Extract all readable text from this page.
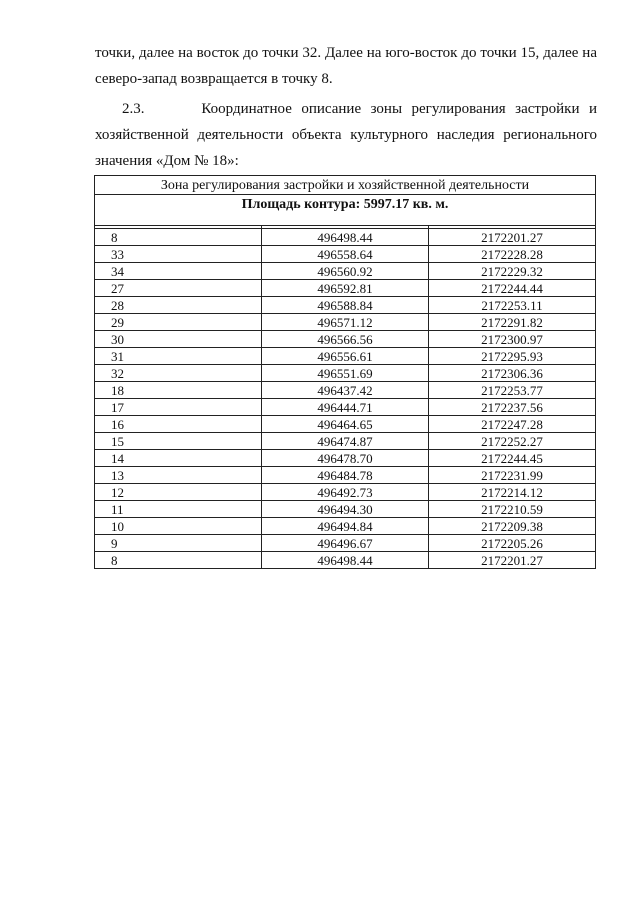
точки, далее на восток до точки 32. Далее на юго-восток до точки 15, далее на
северо-запад возвращается в точку 8.
2.3.	Координатное описание зоны регулирования застройки и
хозяйственной деятельности объекта культурного наследия регионального
значения «Дом № 18»:
Зона регулирования застройки и хозяйственной деятельности		
Площадь контура: 5997.17 кв. м.		

8	496498.44	2172201.27
33	496558.64	2172228.28
34	496560.92	2172229.32
27	496592.81	2172244.44
28	496588.84	2172253.11
29	496571.12	2172291.82
30	496566.56	2172300.97
31	496556.61	2172295.93
32	496551.69	2172306.36
18	496437.42	2172253.77
17	496444.71	2172237.56
16	496464.65	2172247.28
15	496474.87	2172252.27
14	496478.70	2172244.45
13	496484.78	2172231.99
12	496492.73	2172214.12
11	496494.30	2172210.59
10	496494.84	2172209.38
9	496496.67	2172205.26
8	496498.44	2172201.27
